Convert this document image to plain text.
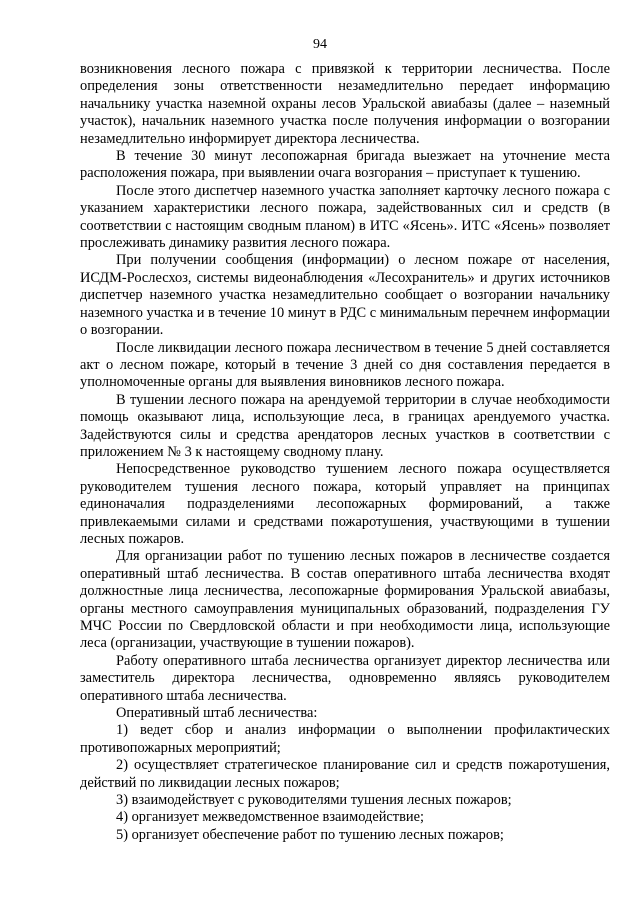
94

возникновения лесного пожара с привязкой к территории лесничества. После определения зоны ответственности незамедлительно передает информацию начальнику участка наземной охраны лесов Уральской авиабазы (далее – наземный участок), начальник наземного участка после получения информации о возгорании незамедлительно информирует директора лесничества.

В течение 30 минут лесопожарная бригада выезжает на уточнение места расположения пожара, при выявлении очага возгорания – приступает к тушению.

После этого диспетчер наземного участка заполняет карточку лесного пожара с указанием характеристики лесного пожара, задействованных сил и средств (в соответствии с настоящим сводным планом) в ИТС «Ясень». ИТС «Ясень» позволяет прослеживать динамику развития лесного пожара.

При получении сообщения (информации) о лесном пожаре от населения, ИСДМ-Рослесхоз, системы видеонаблюдения «Лесохранитель» и других источников диспетчер наземного участка незамедлительно сообщает о возгорании начальнику наземного участка и в течение 10 минут в РДС с минимальным перечнем информации о возгорании.

После ликвидации лесного пожара лесничеством в течение 5 дней составляется акт о лесном пожаре, который в течение 3 дней со дня составления передается в уполномоченные органы для выявления виновников лесного пожара.

В тушении лесного пожара на арендуемой территории в случае необходимости помощь оказывают лица, использующие леса, в границах арендуемого участка. Задействуются силы и средства арендаторов лесных участков в соответствии с приложением № 3 к настоящему сводному плану.

Непосредственное руководство тушением лесного пожара осуществляется руководителем тушения лесного пожара, который управляет на принципах единоначалия подразделениями лесопожарных формирований, а также привлекаемыми силами и средствами пожаротушения, участвующими в тушении лесных пожаров.

Для организации работ по тушению лесных пожаров в лесничестве создается оперативный штаб лесничества. В состав оперативного штаба лесничества входят должностные лица лесничества, лесопожарные формирования Уральской авиабазы, органы местного самоуправления муниципальных образований, подразделения ГУ МЧС России по Свердловской области и при необходимости лица, использующие леса (организации, участвующие в тушении пожаров).

Работу оперативного штаба лесничества организует директор лесничества или заместитель директора лесничества, одновременно являясь руководителем оперативного штаба лесничества.

Оперативный штаб лесничества:

1) ведет сбор и анализ информации о выполнении профилактических противопожарных мероприятий;

2) осуществляет стратегическое планирование сил и средств пожаротушения, действий по ликвидации лесных пожаров;

3) взаимодействует с руководителями тушения лесных пожаров;

4) организует межведомственное взаимодействие;

5) организует обеспечение работ по тушению лесных пожаров;
